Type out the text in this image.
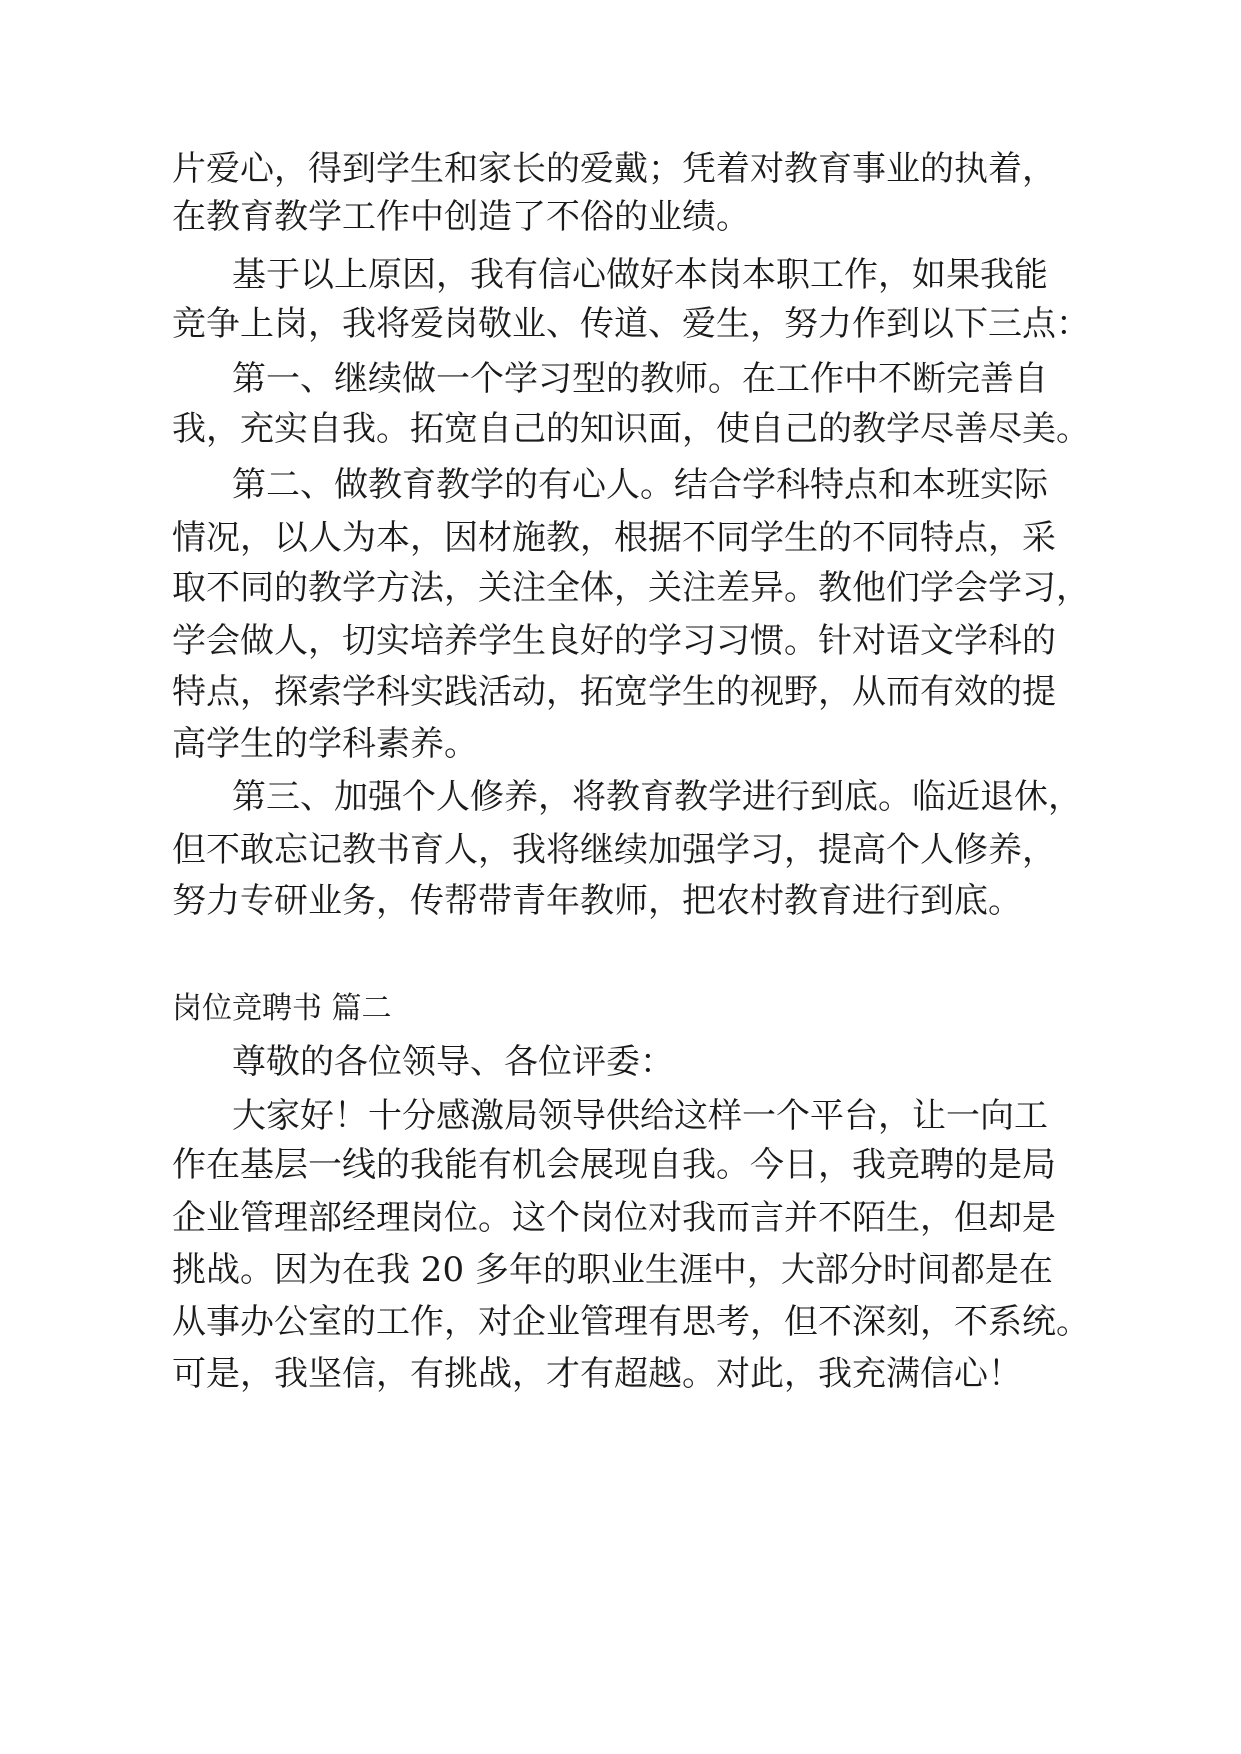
片爱心，得到学生和家长的爱戴；凭着对教育事业的执着，

在教育教学工作中创造了不俗的业绩。

基于以上原因，我有信心做好本岗本职工作，如果我能

竞争上岗，我将爱岗敬业、传道、爱生，努力作到以下三点：

第一、继续做一个学习型的教师。在工作中不断完善自

我，充实自我。拓宽自己的知识面，使自己的教学尽善尽美。

第二、做教育教学的有心人。结合学科特点和本班实际

情况，以人为本，因材施教，根据不同学生的不同特点，采

取不同的教学方法，关注全体，关注差异。教他们学会学习，

学会做人，切实培养学生良好的学习习惯。针对语文学科的

特点，探索学科实践活动，拓宽学生的视野，从而有效的提

高学生的学科素养。

第三、加强个人修养，将教育教学进行到底。临近退休，

但不敢忘记教书育人，我将继续加强学习，提高个人修养，

努力专研业务，传帮带青年教师，把农村教育进行到底。

岗位竞聘书 篇二

尊敬的各位领导、各位评委：

大家好！十分感激局领导供给这样一个平台，让一向工

作在基层一线的我能有机会展现自我。今日，我竞聘的是局

企业管理部经理岗位。这个岗位对我而言并不陌生，但却是

挑战。因为在我 20 多年的职业生涯中，大部分时间都是在

从事办公室的工作，对企业管理有思考，但不深刻，不系统。

可是，我坚信，有挑战，才有超越。对此，我充满信心！
